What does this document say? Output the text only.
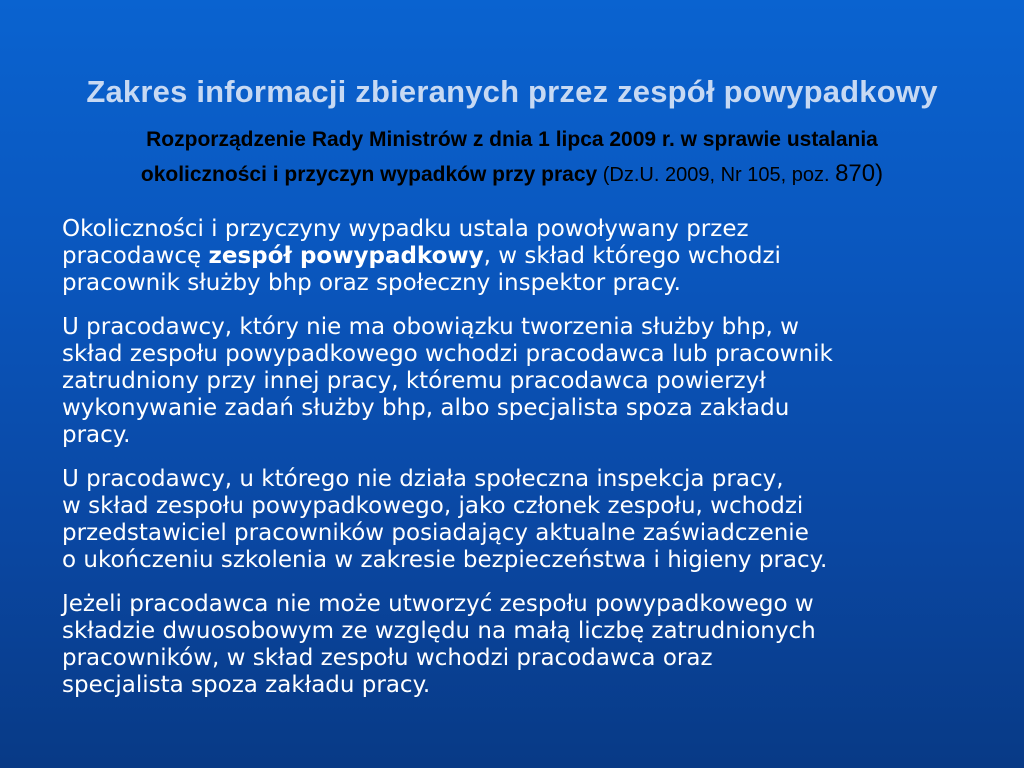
Zakres informacji zbieranych przez zespół powypadkowy
Rozporządzenie Rady Ministrów z dnia 1 lipca 2009 r. w sprawie ustalania
okoliczności i przyczyn wypadków przy pracy (Dz.U. 2009, Nr 105, poz. 870)

Okoliczności i przyczyny wypadku ustala powoływany przez
pracodawcę zespół powypadkowy, w skład którego wchodzi
pracownik służby bhp oraz społeczny inspektor pracy.

U pracodawcy, który nie ma obowiązku tworzenia służby bhp, w
skład zespołu powypadkowego wchodzi pracodawca lub pracownik
zatrudniony przy innej pracy, któremu pracodawca powierzył
wykonywanie zadań służby bhp, albo specjalista spoza zakładu
pracy.

U pracodawcy, u którego nie działa społeczna inspekcja pracy,
w skład zespołu powypadkowego, jako członek zespołu, wchodzi
przedstawiciel pracowników posiadający aktualne zaświadczenie
o ukończeniu szkolenia w zakresie bezpieczeństwa i higieny pracy.

Jeżeli pracodawca nie może utworzyć zespołu powypadkowego w
składzie dwuosobowym ze względu na małą liczbę zatrudnionych
pracowników, w skład zespołu wchodzi pracodawca oraz
specjalista spoza zakładu pracy.
